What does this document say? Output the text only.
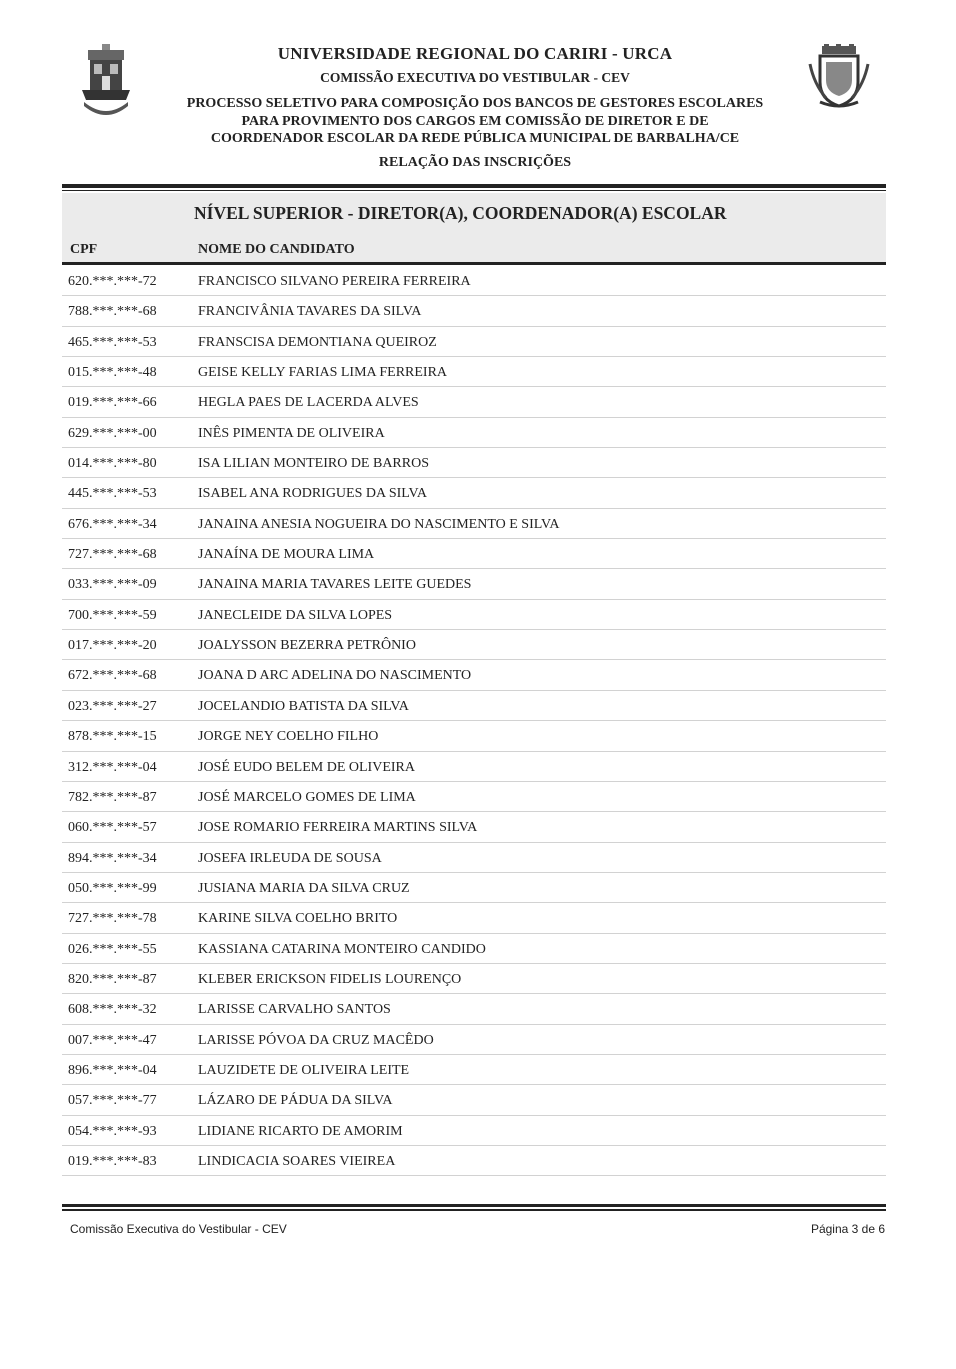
UNIVERSIDADE REGIONAL DO CARIRI - URCA
COMISSÃO EXECUTIVA DO VESTIBULAR - CEV
PROCESSO SELETIVO PARA COMPOSIÇÃO DOS BANCOS DE GESTORES ESCOLARES
PARA PROVIMENTO DOS CARGOS EM COMISSÃO DE DIRETOR E DE
COORDENADOR ESCOLAR DA REDE PÚBLICA MUNICIPAL DE BARBALHA/CE
RELAÇÃO DAS INSCRIÇÕES
NÍVEL SUPERIOR - DIRETOR(A), COORDENADOR(A) ESCOLAR
CPF	NOME DO CANDIDATO
620.***.***-72	FRANCISCO SILVANO PEREIRA FERREIRA
788.***.***-68	FRANCIVÂNIA TAVARES DA SILVA
465.***.***-53	FRANSCISA DEMONTIANA QUEIROZ
015.***.***-48	GEISE KELLY FARIAS LIMA FERREIRA
019.***.***-66	HEGLA PAES DE LACERDA ALVES
629.***.***-00	INÊS PIMENTA DE OLIVEIRA
014.***.***-80	ISA LILIAN MONTEIRO DE BARROS
445.***.***-53	ISABEL ANA RODRIGUES DA SILVA
676.***.***-34	JANAINA ANESIA NOGUEIRA DO NASCIMENTO E SILVA
727.***.***-68	JANAÍNA DE MOURA LIMA
033.***.***-09	JANAINA MARIA TAVARES LEITE GUEDES
700.***.***-59	JANECLEIDE DA SILVA LOPES
017.***.***-20	JOALYSSON BEZERRA PETRÔNIO
672.***.***-68	JOANA D ARC ADELINA DO NASCIMENTO
023.***.***-27	JOCELANDIO BATISTA DA SILVA
878.***.***-15	JORGE NEY COELHO FILHO
312.***.***-04	JOSÉ EUDO BELEM DE OLIVEIRA
782.***.***-87	JOSÉ MARCELO GOMES DE LIMA
060.***.***-57	JOSE ROMARIO FERREIRA MARTINS SILVA
894.***.***-34	JOSEFA IRLEUDA DE SOUSA
050.***.***-99	JUSIANA MARIA DA SILVA CRUZ
727.***.***-78	KARINE SILVA COELHO BRITO
026.***.***-55	KASSIANA CATARINA MONTEIRO CANDIDO
820.***.***-87	KLEBER ERICKSON FIDELIS LOURENÇO
608.***.***-32	LARISSE CARVALHO SANTOS
007.***.***-47	LARISSE PÓVOA DA CRUZ MACÊDO
896.***.***-04	LAUZIDETE DE OLIVEIRA LEITE
057.***.***-77	LÁZARO DE PÁDUA DA SILVA
054.***.***-93	LIDIANE RICARTO DE AMORIM
019.***.***-83	LINDICACIA SOARES VIEIREA
Comissão Executiva do Vestibular - CEV	Página 3 de 6
